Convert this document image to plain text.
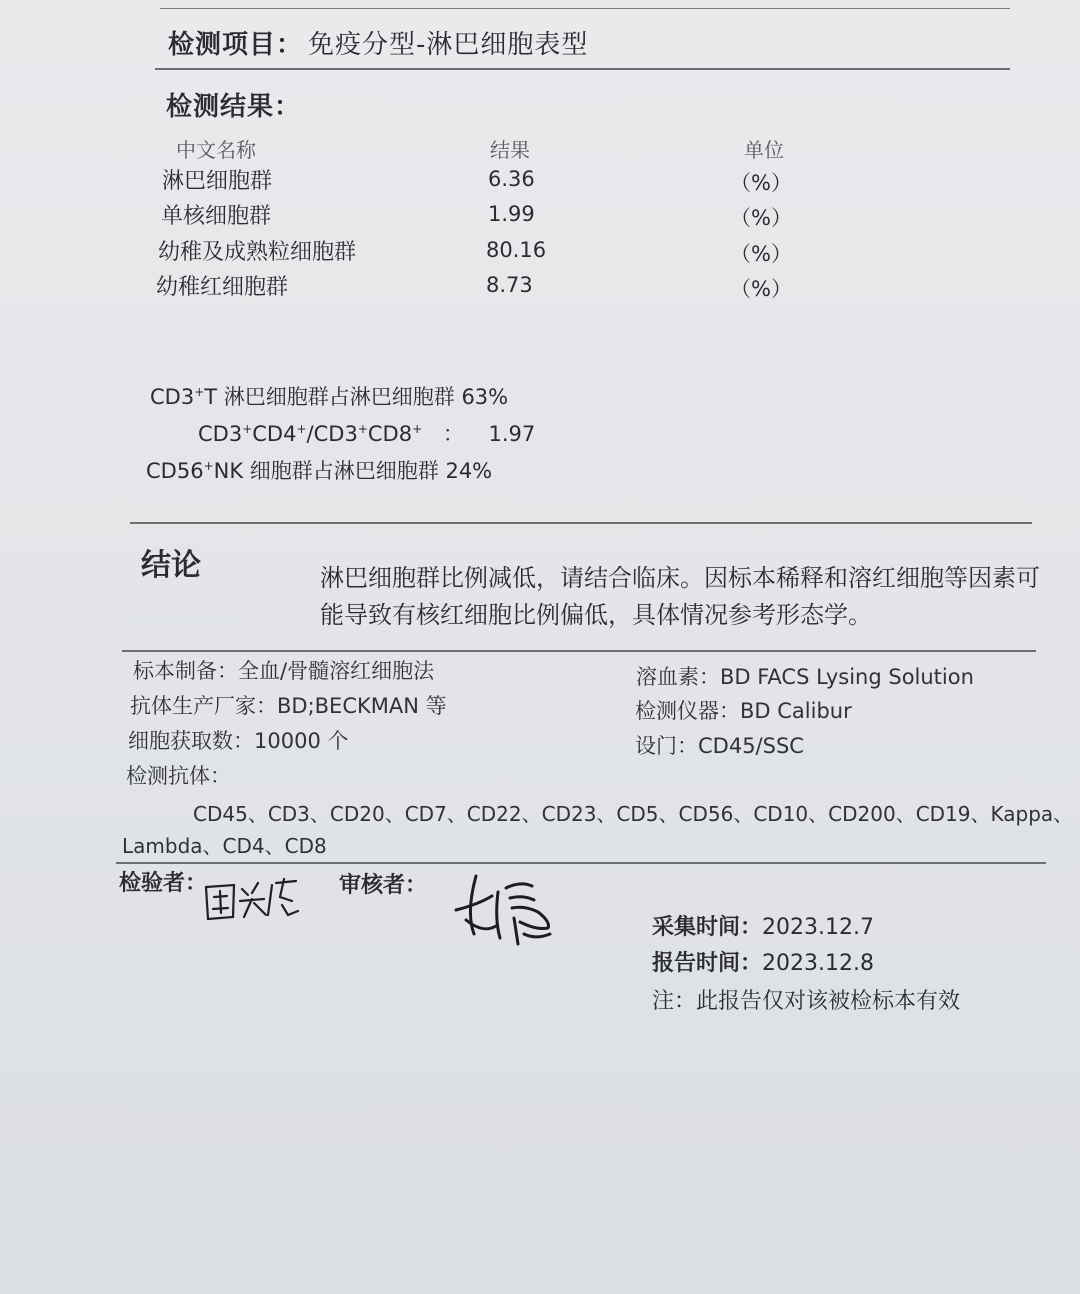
检测项目： 免疫分型-淋巴细胞表型
检测结果：
中文名称	结果	单位
淋巴细胞群	6.36	（%）
单核细胞群	1.99	（%）
幼稚及成熟粒细胞群	80.16	（%）
幼稚红细胞群	8.73	（%）
CD3+T 淋巴细胞群占淋巴细胞群 63%
CD3+CD4+/CD3+CD8+ ： 1.97
CD56+NK 细胞群占淋巴细胞群 24%
结论	淋巴细胞群比例减低，请结合临床。因标本稀释和溶红细胞等因素可能导致有核红细胞比例偏低，具体情况参考形态学。
标本制备：全血/骨髓溶红细胞法
抗体生产厂家：BD;BECKMAN 等
细胞获取数：10000 个
检测抗体：
溶血素：BD FACS Lysing Solution
检测仪器：BD Calibur
设门：CD45/SSC
CD45、CD3、CD20、CD7、CD22、CD23、CD5、CD56、CD10、CD200、CD19、Kappa、
Lambda、CD4、CD8
检验者：	审核者：
采集时间：2023.12.7
报告时间：2023.12.8
注：此报告仅对该被检标本有效
